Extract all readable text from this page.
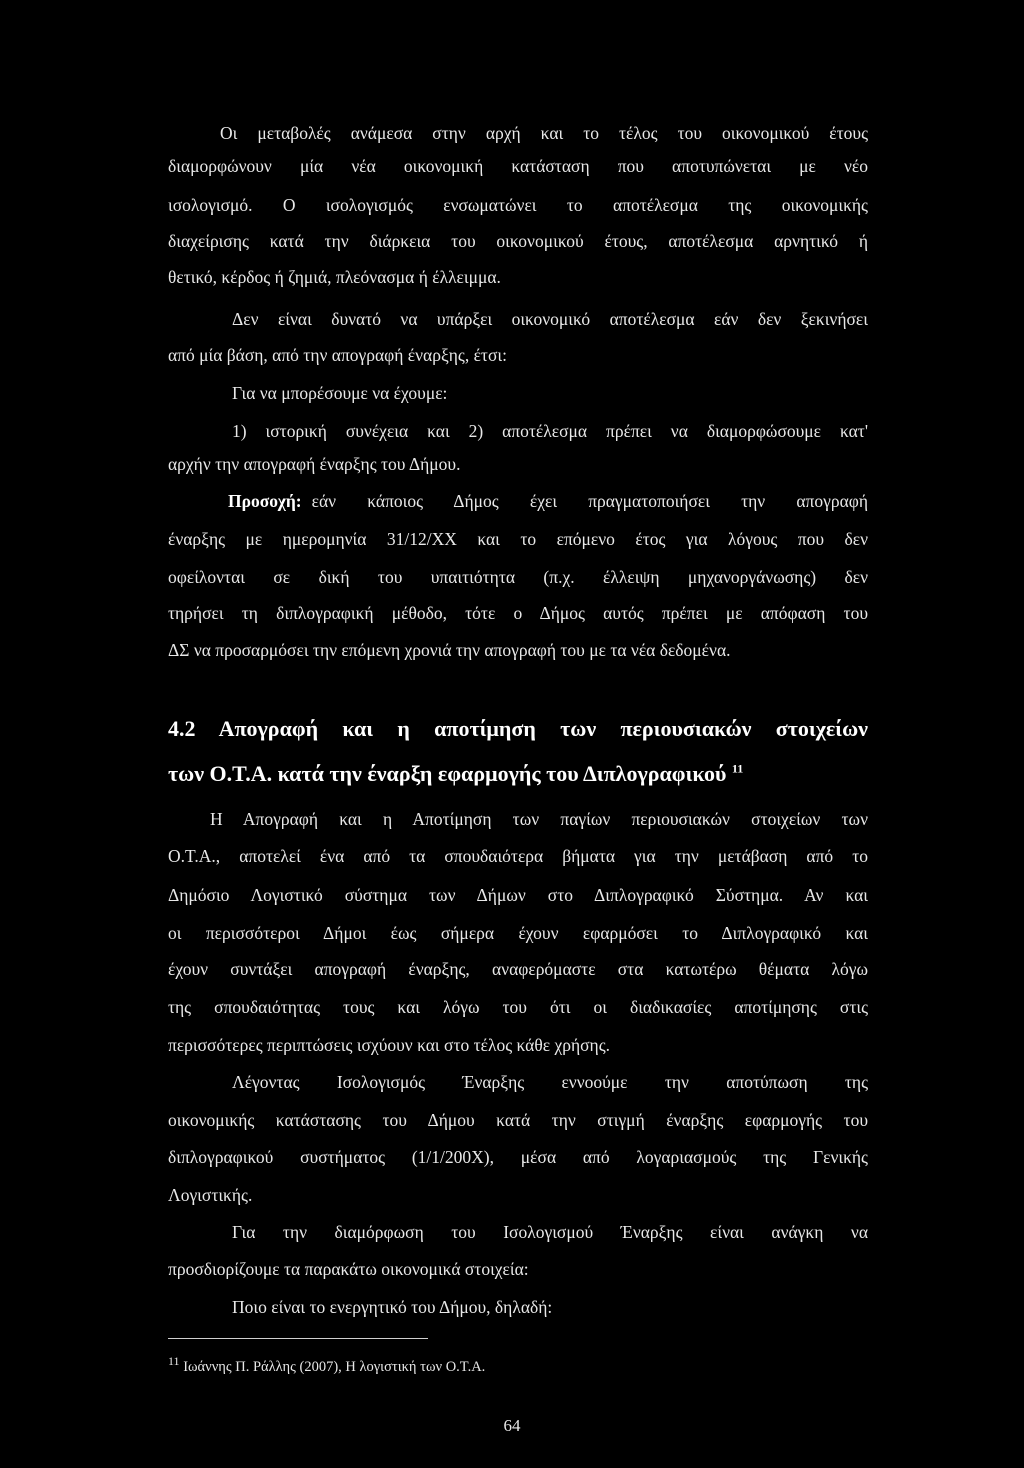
Οι μεταβολές ανάμεσα στην αρχή και το τέλος του οικονομικού έτους
διαμορφώνουν μία νέα οικονομική κατάσταση που αποτυπώνεται με νέο
ισολογισμό. Ο ισολογισμός ενσωματώνει το αποτέλεσμα της οικονομικής
διαχείρισης κατά την διάρκεια του οικονομικού έτους, αποτέλεσμα αρνητικό ή
θετικό, κέρδος ή ζημιά, πλεόνασμα ή έλλειμμα.
Δεν είναι δυνατό να υπάρξει οικονομικό αποτέλεσμα εάν δεν ξεκινήσει
από μία βάση, από την απογραφή έναρξης, έτσι:
Για να μπορέσουμε να έχουμε:
1) ιστορική συνέχεια και 2) αποτέλεσμα πρέπει να διαμορφώσουμε κατ'
αρχήν την απογραφή έναρξης του Δήμου.
Προσοχή: εάν κάποιος Δήμος έχει πραγματοποιήσει την απογραφή
έναρξης με ημερομηνία 31/12/XX και το επόμενο έτος για λόγους που δεν
οφείλονται σε δική του υπαιτιότητα (π.χ. έλλειψη μηχανοργάνωσης) δεν
τηρήσει τη διπλογραφική μέθοδο, τότε ο Δήμος αυτός πρέπει με απόφαση του
ΔΣ να προσαρμόσει την επόμενη χρονιά την απογραφή του με τα νέα δεδομένα.
4.2 Απογραφή και η αποτίμηση των περιουσιακών στοιχείων
των Ο.Τ.Α. κατά την έναρξη εφαρμογής του Διπλογραφικού $^{11}$
Η Απογραφή και η Αποτίμηση των παγίων περιουσιακών στοιχείων των
Ο.Τ.Α., αποτελεί ένα από τα σπουδαιότερα βήματα για την μετάβαση από το
Δημόσιο Λογιστικό σύστημα των Δήμων στο Διπλογραφικό Σύστημα. Αν και
οι περισσότεροι Δήμοι έως σήμερα έχουν εφαρμόσει το Διπλογραφικό και
έχουν συντάξει απογραφή έναρξης, αναφερόμαστε στα κατωτέρω θέματα λόγω
της σπουδαιότητας τους και λόγω του ότι οι διαδικασίες αποτίμησης στις
περισσότερες περιπτώσεις ισχύουν και στο τέλος κάθε χρήσης.
Λέγοντας Ισολογισμός Έναρξης εννοούμε την αποτύπωση της
οικονομικής κατάστασης του Δήμου κατά την στιγμή έναρξης εφαρμογής του
διπλογραφικού συστήματος (1/1/200X), μέσα από λογαριασμούς της Γενικής
Λογιστικής.
Για την διαμόρφωση του Ισολογισμού Έναρξης είναι ανάγκη να
προσδιορίζουμε τα παρακάτω οικονομικά στοιχεία:
Ποιο είναι το ενεργητικό του Δήμου, δηλαδή:
$^{11}$ Ιωάννης Π. Ράλλης (2007), Η λογιστική των Ο.Τ.Α.
64
